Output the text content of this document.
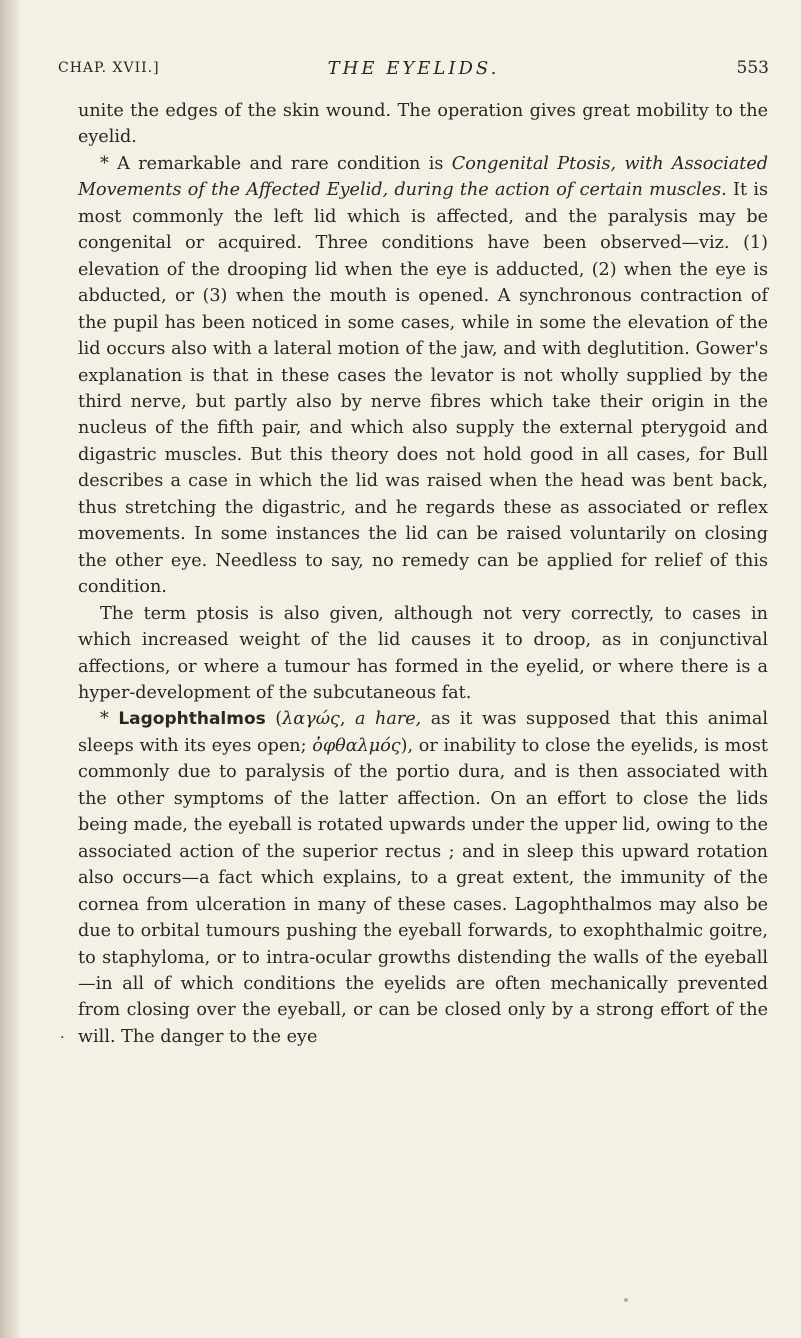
CHAP. XVII.]	THE EYELIDS.	553

unite the edges of the skin wound. The operation gives great mobility to the eyelid.

* A remarkable and rare condition is Congenital Ptosis, with Associated Movements of the Affected Eyelid, during the action of certain muscles. It is most commonly the left lid which is affected, and the paralysis may be congenital or acquired. Three conditions have been observed—viz. (1) elevation of the drooping lid when the eye is adducted, (2) when the eye is abducted, or (3) when the mouth is opened. A synchronous contraction of the pupil has been noticed in some cases, while in some the elevation of the lid occurs also with a lateral motion of the jaw, and with deglutition. Gower's explanation is that in these cases the levator is not wholly supplied by the third nerve, but partly also by nerve fibres which take their origin in the nucleus of the fifth pair, and which also supply the external pterygoid and digastric muscles. But this theory does not hold good in all cases, for Bull describes a case in which the lid was raised when the head was bent back, thus stretching the digastric, and he regards these as associated or reflex movements. In some instances the lid can be raised voluntarily on closing the other eye. Needless to say, no remedy can be applied for relief of this condition.

The term ptosis is also given, although not very correctly, to cases in which increased weight of the lid causes it to droop, as in conjunctival affections, or where a tumour has formed in the eyelid, or where there is a hyper-development of the subcutaneous fat.

* Lagophthalmos (λαγώς, a hare, as it was supposed that this animal sleeps with its eyes open; ὀφθαλμός), or inability to close the eyelids, is most commonly due to paralysis of the portio dura, and is then associated with the other symptoms of the latter affection. On an effort to close the lids being made, the eyeball is rotated upwards under the upper lid, owing to the associated action of the superior rectus ; and in sleep this upward rotation also occurs—a fact which explains, to a great extent, the immunity of the cornea from ulceration in many of these cases. Lagophthalmos may also be due to orbital tumours pushing the eyeball forwards, to exophthalmic goitre, to staphyloma, or to intra-ocular growths distending the walls of the eyeball—in all of which conditions the eyelids are often mechanically prevented from closing over the eyeball, or can be closed only by a strong effort of the will. The danger to the eye

.
